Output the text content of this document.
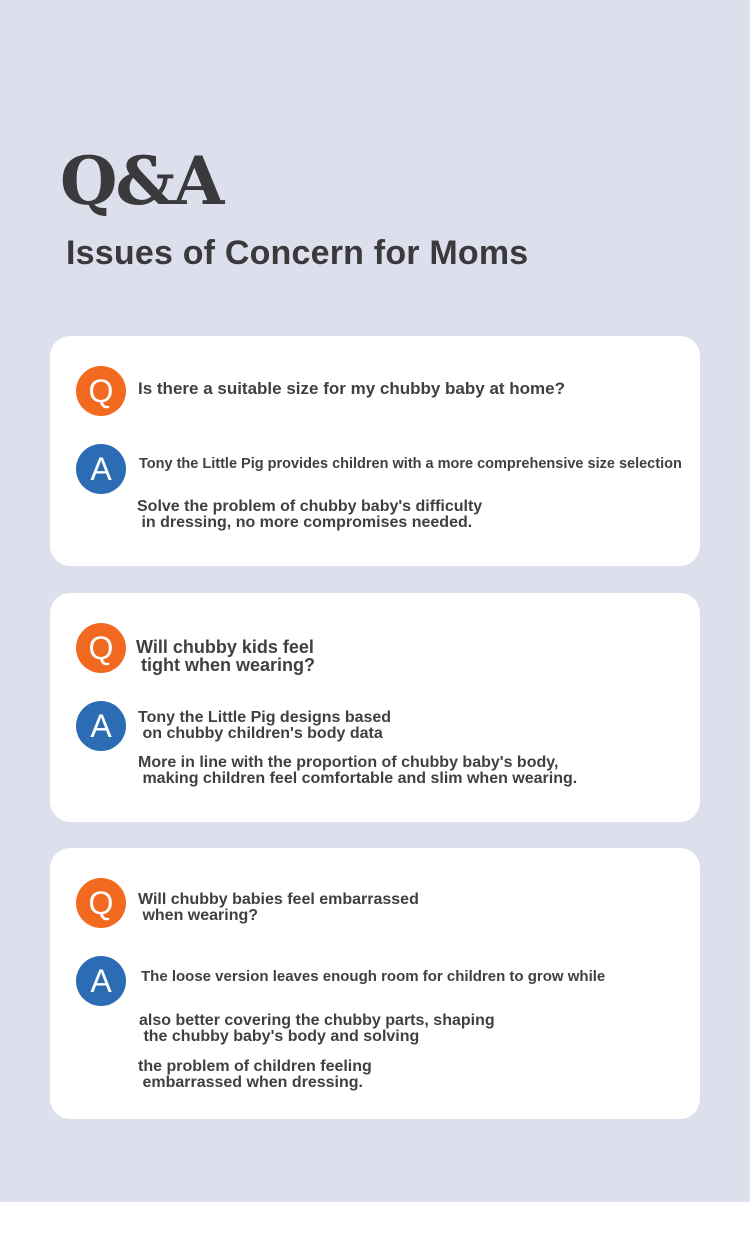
Q&A
Issues of Concern for Moms
Q	Is there a suitable size for my chubby baby at home?
A	Tony the Little Pig provides children with a more comprehensive size selection
Solve the problem of chubby baby's difficulty
in dressing, no more compromises needed.
Q	Will chubby kids feel
tight when wearing?
A	Tony the Little Pig designs based
on chubby children's body data
More in line with the proportion of chubby baby's body,
making children feel comfortable and slim when wearing.
Q	Will chubby babies feel embarrassed
when wearing?
A	The loose version leaves enough room for children to grow while
also better covering the chubby parts, shaping
the chubby baby's body and solving
the problem of children feeling
embarrassed when dressing.
